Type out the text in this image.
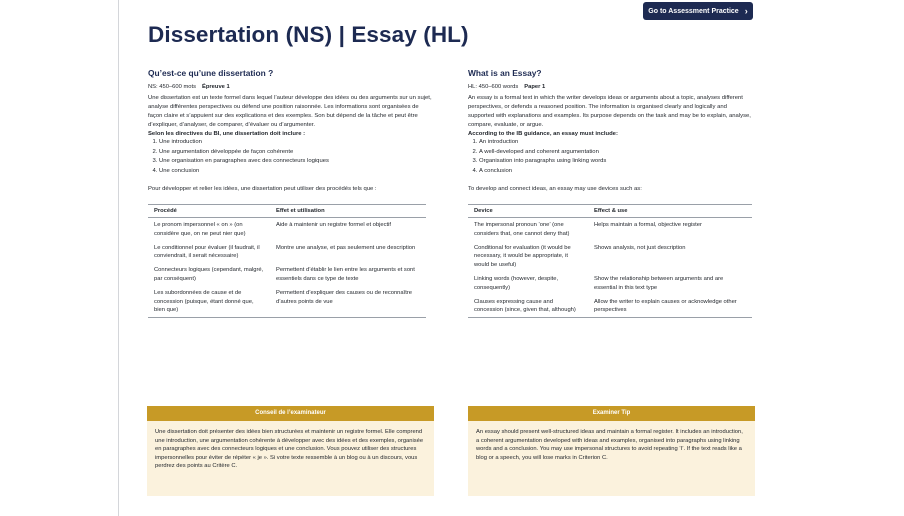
Go to Assessment Practice ›
Dissertation (NS) | Essay (HL)
Qu’est-ce qu’une dissertation ?
NS: 450–600 mots Épreuve 1
Une dissertation est un texte formel dans lequel l’auteur développe des idées ou des arguments sur un sujet, analyse différentes perspectives ou défend une position raisonnée. Les informations sont organisées de façon claire et s’appuient sur des explications et des exemples. Son but dépend de la tâche et peut être d’expliquer, d’analyser, de comparer, d’évaluer ou d’argumenter.
Selon les directives du BI, une dissertation doit inclure :
1. Une introduction
2. Une argumentation développée de façon cohérente
3. Une organisation en paragraphes avec des connecteurs logiques
4. Une conclusion
Pour développer et relier les idées, une dissertation peut utiliser des procédés tels que :
Procédé	Effet et utilisation
Le pronom impersonnel « on » (on considère que, on ne peut nier que)	Aide à maintenir un registre formel et objectif
Le conditionnel pour évaluer (il faudrait, il conviendrait, il serait nécessaire)	Montre une analyse, et pas seulement une description
Connecteurs logiques (cependant, malgré, par conséquent)	Permettent d’établir le lien entre les arguments et sont essentiels dans ce type de texte
Les subordonnées de cause et de concession (puisque, étant donné que, bien que)	Permettent d’expliquer des causes ou de reconnaître d’autres points de vue
What is an Essay?
HL: 450–600 words Paper 1
An essay is a formal text in which the writer develops ideas or arguments about a topic, analyses different perspectives, or defends a reasoned position. The information is organised clearly and logically and supported with explanations and examples. Its purpose depends on the task and may be to explain, analyse, compare, evaluate, or argue.
According to the IB guidance, an essay must include:
1. An introduction
2. A well-developed and coherent argumentation
3. Organisation into paragraphs using linking words
4. A conclusion
To develop and connect ideas, an essay may use devices such as:
Device	Effect & use
The impersonal pronoun ‘one’ (one considers that, one cannot deny that)	Helps maintain a formal, objective register
Conditional for evaluation (it would be necessary, it would be appropriate, it would be useful)	Shows analysis, not just description
Linking words (however, despite, consequently)	Show the relationship between arguments and are essential in this text type
Clauses expressing cause and concession (since, given that, although)	Allow the writer to explain causes or acknowledge other perspectives
Conseil de l’examinateur
Une dissertation doit présenter des idées bien structurées et maintenir un registre formel. Elle comprend une introduction, une argumentation cohérente à développer avec des idées et des exemples, organisée en paragraphes avec des connecteurs logiques et une conclusion. Vous pouvez utiliser des structures impersonnelles pour éviter de répéter « je ». Si votre texte ressemble à un blog ou à un discours, vous perdrez des points au Critère C.
Examiner Tip
An essay should present well-structured ideas and maintain a formal register. It includes an introduction, a coherent argumentation developed with ideas and examples, organised into paragraphs using linking words and a conclusion. You may use impersonal structures to avoid repeating ‘I’. If the text reads like a blog or a speech, you will lose marks in Criterion C.
